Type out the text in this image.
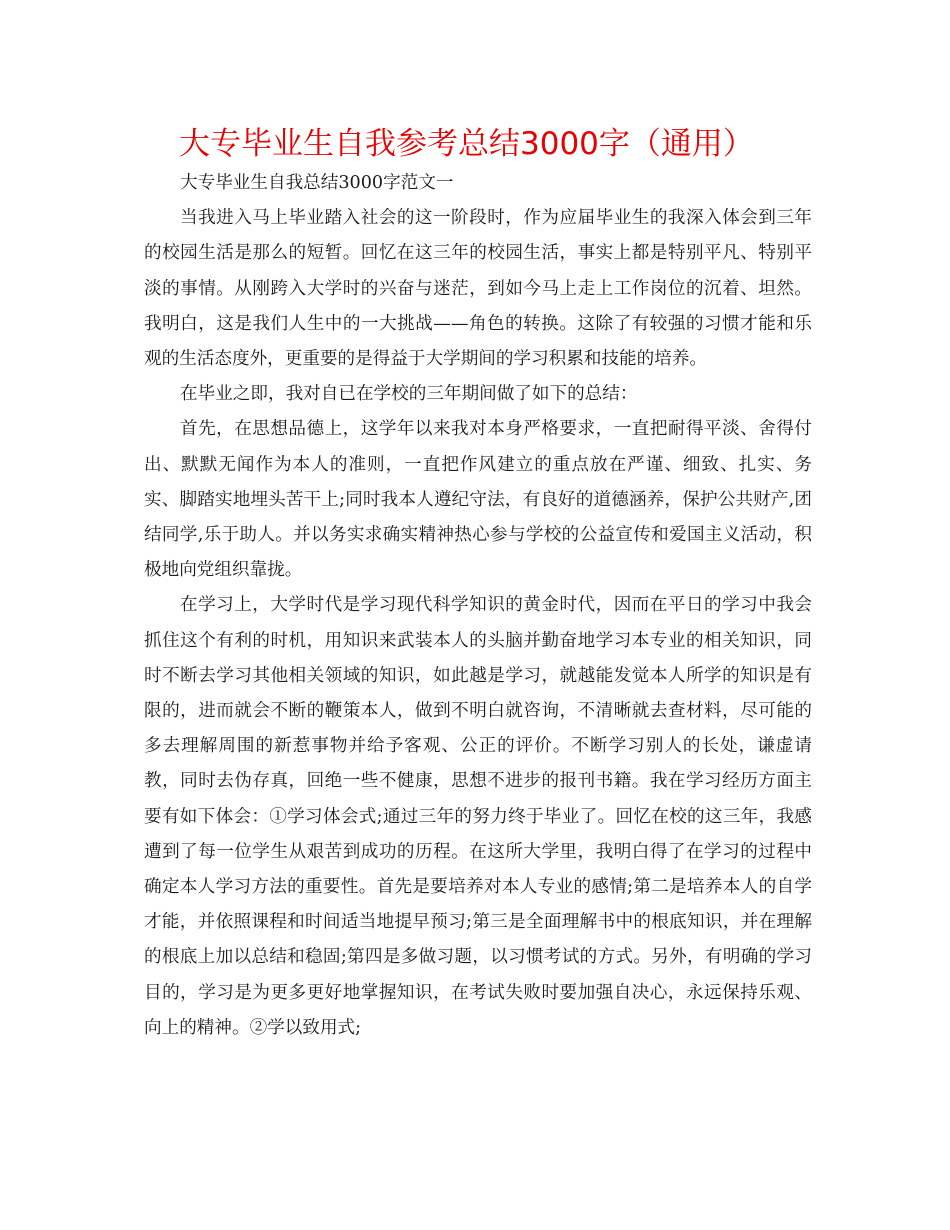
大专毕业生自我参考总结3000字（通用）

大专毕业生自我总结3000字范文一

当我进入马上毕业踏入社会的这一阶段时，作为应届毕业生的我深入体会到三年的校园生活是那么的短暂。回忆在这三年的校园生活，事实上都是特别平凡、特别平淡的事情。从刚跨入大学时的兴奋与迷茫，到如今马上走上工作岗位的沉着、坦然。我明白，这是我们人生中的一大挑战——角色的转换。这除了有较强的习惯才能和乐观的生活态度外，更重要的是得益于大学期间的学习积累和技能的培养。

在毕业之即，我对自已在学校的三年期间做了如下的总结：

首先，在思想品德上，这学年以来我对本身严格要求，一直把耐得平淡、舍得付出、默默无闻作为本人的准则，一直把作风建立的重点放在严谨、细致、扎实、务实、脚踏实地埋头苦干上;同时我本人遵纪守法，有良好的道德涵养，保护公共财产,团结同学,乐于助人。并以务实求确实精神热心参与学校的公益宣传和爱国主义活动，积极地向党组织靠拢。

在学习上，大学时代是学习现代科学知识的黄金时代，因而在平日的学习中我会抓住这个有利的时机，用知识来武装本人的头脑并勤奋地学习本专业的相关知识，同时不断去学习其他相关领域的知识，如此越是学习，就越能发觉本人所学的知识是有限的，进而就会不断的鞭策本人，做到不明白就咨询，不清晰就去查材料，尽可能的多去理解周围的新惹事物并给予客观、公正的评价。不断学习别人的长处，谦虚请教，同时去伪存真，回绝一些不健康，思想不进步的报刊书籍。我在学习经历方面主要有如下体会：①学习体会式;通过三年的努力终于毕业了。回忆在校的这三年，我感遭到了每一位学生从艰苦到成功的历程。在这所大学里，我明白得了在学习的过程中确定本人学习方法的重要性。首先是要培养对本人专业的感情;第二是培养本人的自学才能，并依照课程和时间适当地提早预习;第三是全面理解书中的根底知识，并在理解的根底上加以总结和稳固;第四是多做习题，以习惯考试的方式。另外，有明确的学习目的，学习是为更多更好地掌握知识，在考试失败时要加强自决心，永远保持乐观、向上的精神。②学以致用式;
